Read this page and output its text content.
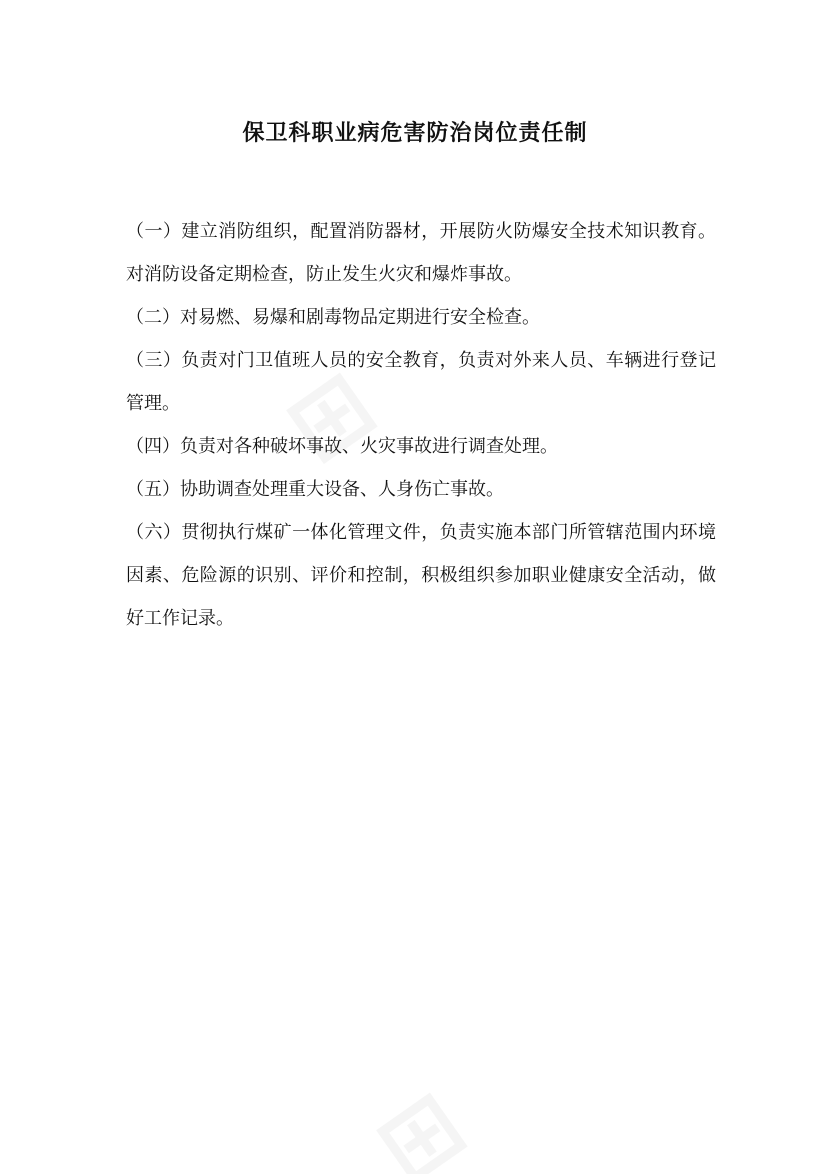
保卫科职业病危害防治岗位责任制

（一）建立消防组织，配置消防器材，开展防火防爆安全技术知识教育。对消防设备定期检查，防止发生火灾和爆炸事故。

（二）对易燃、易爆和剧毒物品定期进行安全检查。

（三）负责对门卫值班人员的安全教育，负责对外来人员、车辆进行登记管理。

（四）负责对各种破坏事故、火灾事故进行调查处理。

（五）协助调查处理重大设备、人身伤亡事故。

（六）贯彻执行煤矿一体化管理文件，负责实施本部门所管辖范围内环境因素、危险源的识别、评价和控制，积极组织参加职业健康安全活动，做好工作记录。
